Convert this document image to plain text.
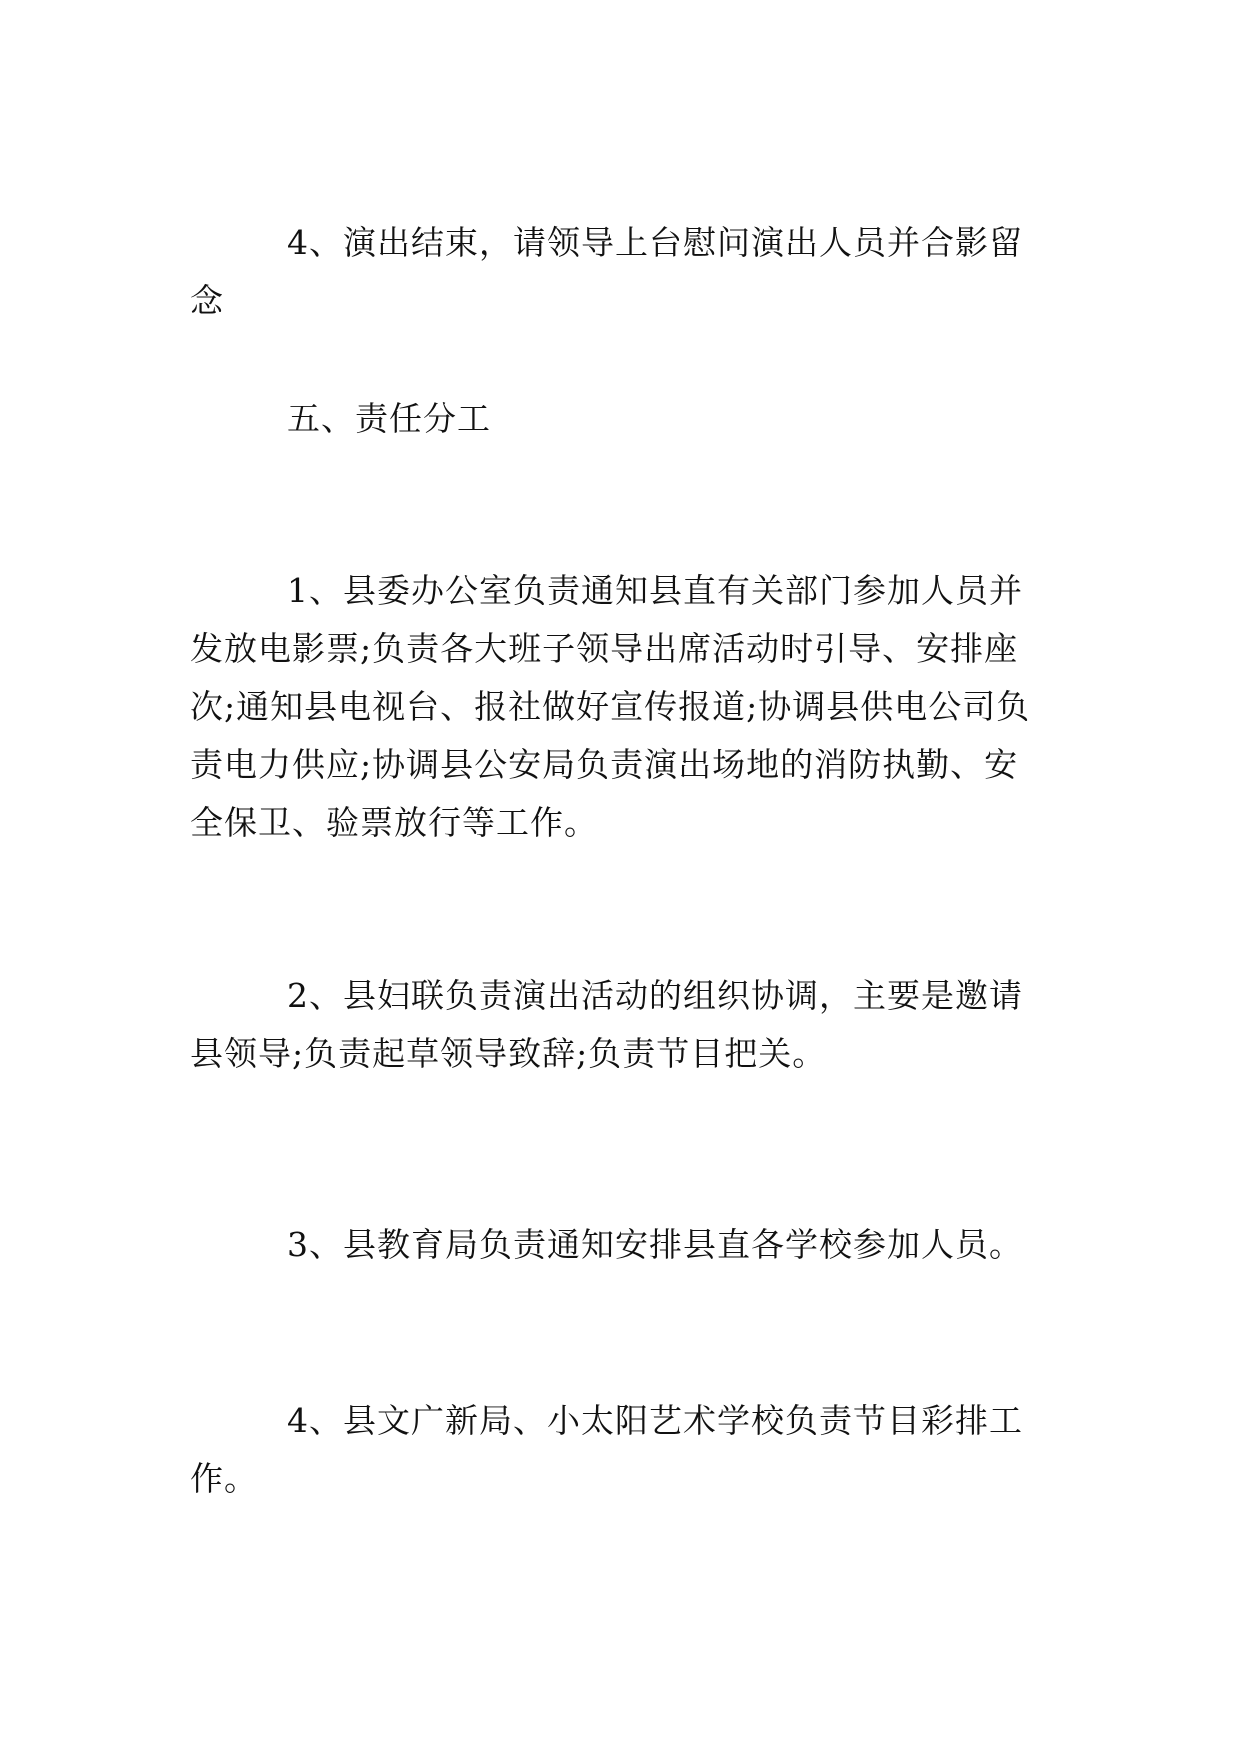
4、演出结束，请领导上台慰问演出人员并合影留念

五、责任分工

1、县委办公室负责通知县直有关部门参加人员并发放电影票;负责各大班子领导出席活动时引导、安排座次;通知县电视台、报社做好宣传报道;协调县供电公司负责电力供应;协调县公安局负责演出场地的消防执勤、安全保卫、验票放行等工作。

2、县妇联负责演出活动的组织协调，主要是邀请县领导;负责起草领导致辞;负责节目把关。

3、县教育局负责通知安排县直各学校参加人员。

4、县文广新局、小太阳艺术学校负责节目彩排工作。
